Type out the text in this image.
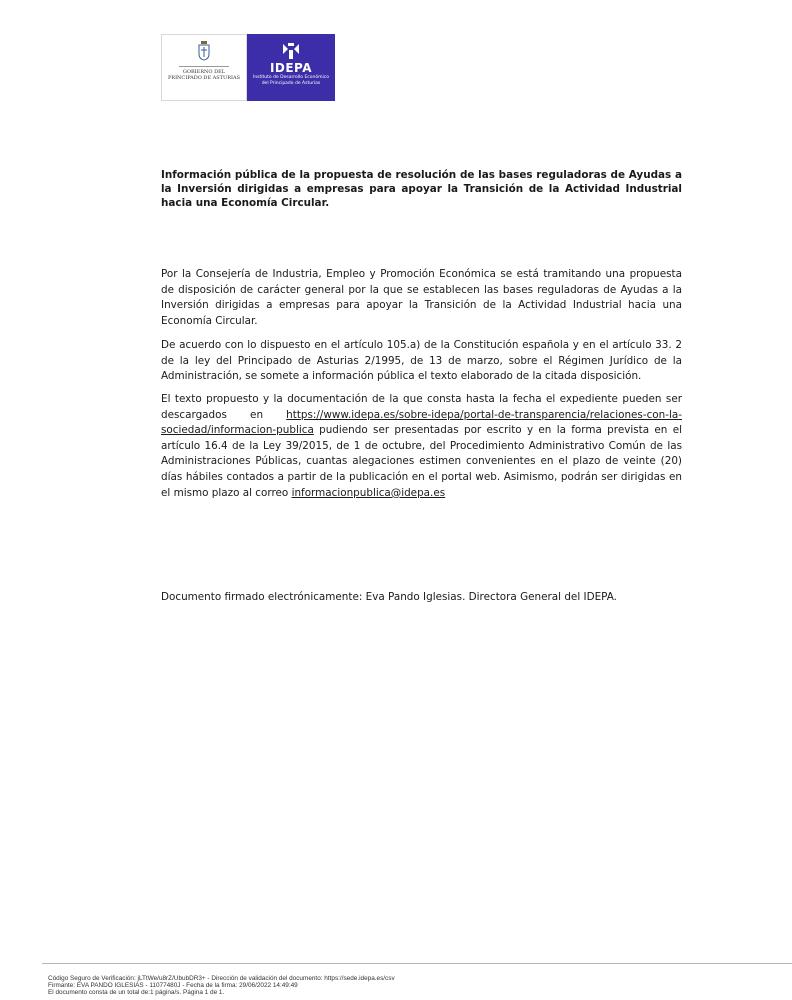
GOBIERNO DEL
PRINCIPADO DE ASTURIAS
IDEPA
Instituto de Desarrollo Económico
del Principado de Asturias

Información pública de la propuesta de resolución de las bases reguladoras de Ayudas a la Inversión dirigidas a empresas para apoyar la Transición de la Actividad Industrial hacia una Economía Circular.

Por la Consejería de Industria, Empleo y Promoción Económica se está tramitando una propuesta de disposición de carácter general por la que se establecen las bases reguladoras de Ayudas a la Inversión dirigidas a empresas para apoyar la Transición de la Actividad Industrial hacia una Economía Circular.

De acuerdo con lo dispuesto en el artículo 105.a) de la Constitución española y en el artículo 33. 2 de la ley del Principado de Asturias 2/1995, de 13 de marzo, sobre el Régimen Jurídico de la Administración, se somete a información pública el texto elaborado de la citada disposición.

El texto propuesto y la documentación de la que consta hasta la fecha el expediente pueden ser descargados en https://www.idepa.es/sobre-idepa/portal-de-transparencia/relaciones-con-la-sociedad/informacion-publica pudiendo ser presentadas por escrito y en la forma prevista en el artículo 16.4 de la Ley 39/2015, de 1 de octubre, del Procedimiento Administrativo Común de las Administraciones Públicas, cuantas alegaciones estimen convenientes en el plazo de veinte (20) días hábiles contados a partir de la publicación en el portal web. Asimismo, podrán ser dirigidas en el mismo plazo al correo informacionpublica@idepa.es

Documento firmado electrónicamente: Eva Pando Iglesias. Directora General del IDEPA.

Código Seguro de Verificación: jLTtWe/u8rZ/UbubDR3+ - Dirección de validación del documento: https://sede.idepa.es/csv
Firmante: EVA PANDO IGLESIAS - 11077480J - Fecha de la firma: 29/06/2022 14:49:49
El documento consta de un total de:1 página/s. Página 1 de 1.
